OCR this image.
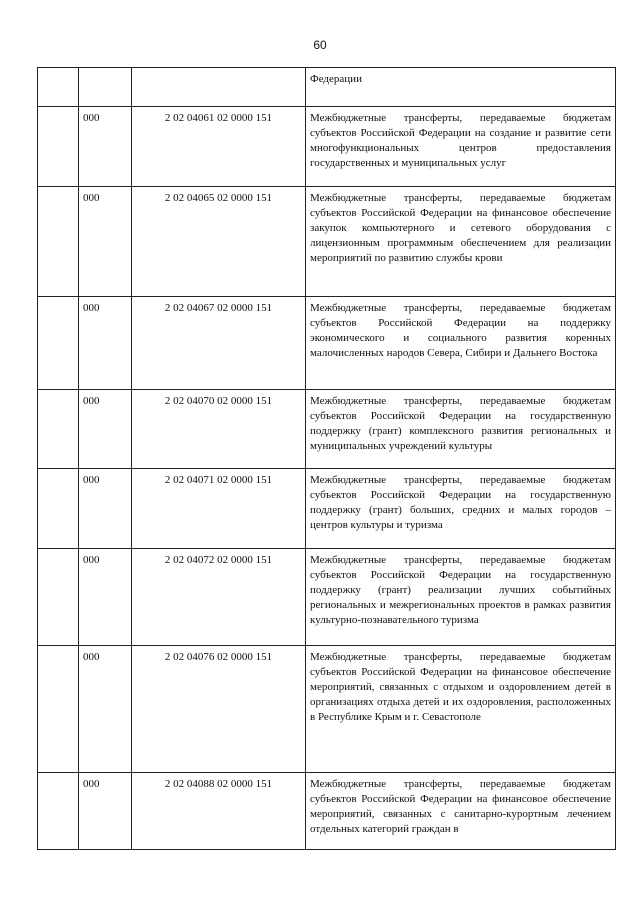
60
			Федерации
	000	2 02 04061 02 0000 151	Межбюджетные трансферты, передаваемые бюджетам субъектов Российской Федерации на создание и развитие сети многофункциональных центров предоставления государственных и муниципальных услуг
	000	2 02 04065 02 0000 151	Межбюджетные трансферты, передаваемые бюджетам субъектов Российской Федерации на финансовое обеспечение закупок компьютерного и сетевого оборудования с лицензионным программным обеспечением для реализации мероприятий по развитию службы крови
	000	2 02 04067 02 0000 151	Межбюджетные трансферты, передаваемые бюджетам субъектов Российской Федерации на поддержку экономического и социального развития коренных малочисленных народов Севера, Сибири и Дальнего Востока
	000	2 02 04070 02 0000 151	Межбюджетные трансферты, передаваемые бюджетам субъектов Российской Федерации на государственную поддержку (грант) комплексного развития региональных и муниципальных учреждений культуры
	000	2 02 04071 02 0000 151	Межбюджетные трансферты, передаваемые бюджетам субъектов Российской Федерации на государственную поддержку (грант) больших, средних и малых городов – центров культуры и туризма
	000	2 02 04072 02 0000 151	Межбюджетные трансферты, передаваемые бюджетам субъектов Российской Федерации на государственную поддержку (грант) реализации лучших событийных региональных и межрегиональных проектов в рамках развития культурно-познавательного туризма
	000	2 02 04076 02 0000 151	Межбюджетные трансферты, передаваемые бюджетам субъектов Российской Федерации на финансовое обеспечение мероприятий, связанных с отдыхом и оздоровлением детей в организациях отдыха детей и их оздоровления, расположенных в Республике Крым и г. Севастополе
	000	2 02 04088 02 0000 151	Межбюджетные трансферты, передаваемые бюджетам субъектов Российской Федерации на финансовое обеспечение мероприятий, связанных с санитарно-курортным лечением отдельных категорий граждан в
